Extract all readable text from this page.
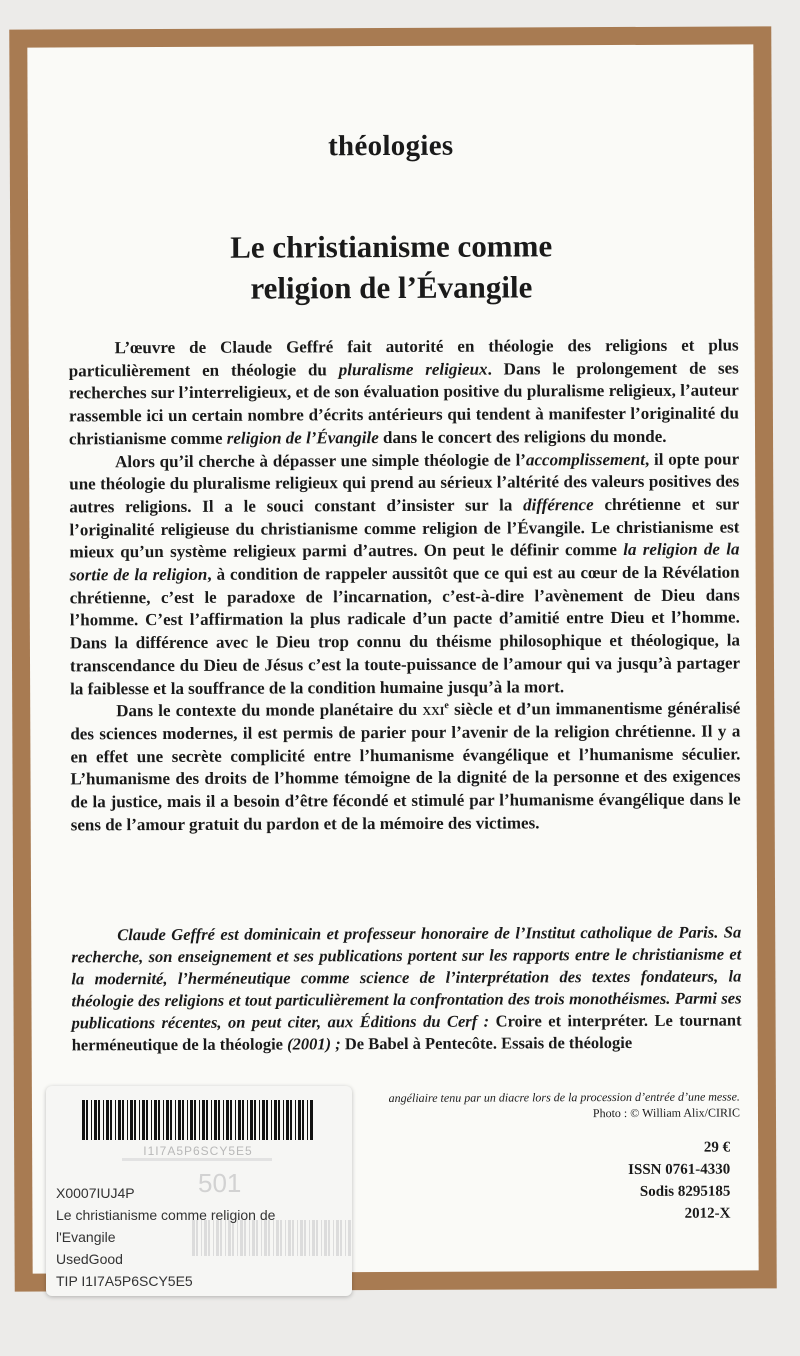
théologies
Le christianisme comme
religion de l’Évangile

L’œuvre de Claude Geffré fait autorité en théologie des religions et plus particulièrement en théologie du pluralisme religieux. Dans le prolongement de ses recherches sur l’interreligieux, et de son évaluation positive du pluralisme religieux, l’auteur rassemble ici un certain nombre d’écrits antérieurs qui tendent à manifester l’originalité du christianisme comme religion de l’Évangile dans le concert des religions du monde.

Alors qu’il cherche à dépasser une simple théologie de l’accomplissement, il opte pour une théologie du pluralisme religieux qui prend au sérieux l’altérité des valeurs positives des autres religions. Il a le souci constant d’insister sur la différence chrétienne et sur l’originalité religieuse du christianisme comme religion de l’Évangile. Le christianisme est mieux qu’un système religieux parmi d’autres. On peut le définir comme la religion de la sortie de la religion, à condition de rappeler aussitôt que ce qui est au cœur de la Révélation chrétienne, c’est le paradoxe de l’incarnation, c’est-à-dire l’avènement de Dieu dans l’homme. C’est l’affirmation la plus radicale d’un pacte d’amitié entre Dieu et l’homme. Dans la différence avec le Dieu trop connu du théisme philosophique et théologique, la transcendance du Dieu de Jésus c’est la toute-puissance de l’amour qui va jusqu’à partager la faiblesse et la souffrance de la condition humaine jusqu’à la mort.

Dans le contexte du monde planétaire du xxi$^e$ siècle et d’un immanentisme généralisé des sciences modernes, il est permis de parier pour l’avenir de la religion chrétienne. Il y a en effet une secrète complicité entre l’humanisme évangélique et l’humanisme séculier. L’humanisme des droits de l’homme témoigne de la dignité de la personne et des exigences de la justice, mais il a besoin d’être fécondé et stimulé par l’humanisme évangélique dans le sens de l’amour gratuit du pardon et de la mémoire des victimes.

Claude Geffré est dominicain et professeur honoraire de l’Institut catholique de Paris. Sa recherche, son enseignement et ses publications portent sur les rapports entre le christianisme et la modernité, l’herméneutique comme science de l’interprétation des textes fondateurs, la théologie des religions et tout particulièrement la confrontation des trois monothéismes. Parmi ses publications récentes, on peut citer, aux Éditions du Cerf : Croire et interpréter. Le tournant herméneutique de la théologie (2001) ; De Babel à Pentecôte. Essais de théologie

angéliaire tenu par un diacre lors de la procession d’entrée d’une messe.
Photo : © William Alix/CIRIC
29 €
ISSN 0761-4330
Sodis 8295185
2012-X
I1I7A5P6SCY5E5
501
X0007IUJ4P
Le christianisme comme religion de
l'Evangile
UsedGood
TIP I1I7A5P6SCY5E5
